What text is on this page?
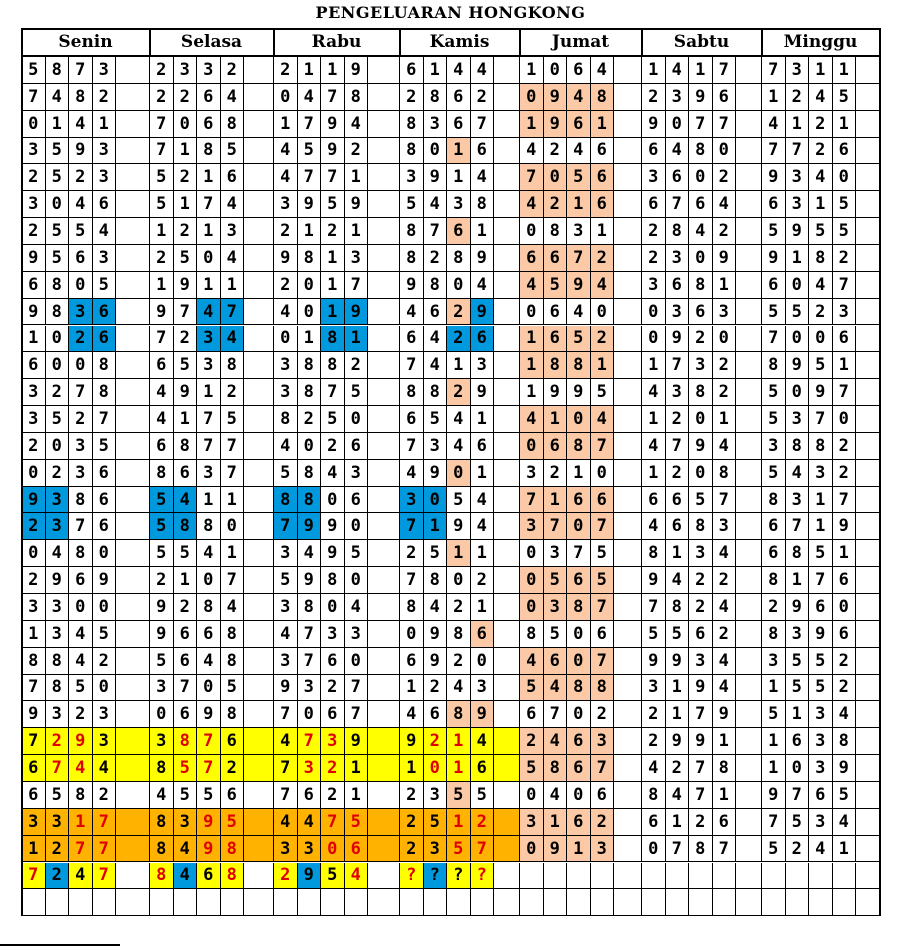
PENGELUARAN HONGKONG
Senin	Selasa	Rabu	Kamis	Jumat	Sabtu	Minggu
5 8 7 3	2 3 3 2	2 1 1 9	6 1 4 4	1 0 6 4	1 4 1 7	7 3 1 1
7 4 8 2	2 2 6 4	0 4 7 8	2 8 6 2	0 9 4 8	2 3 9 6	1 2 4 5
0 1 4 1	7 0 6 8	1 7 9 4	8 3 6 7	1 9 6 1	9 0 7 7	4 1 2 1
3 5 9 3	7 1 8 5	4 5 9 2	8 0 1 6	4 2 4 6	6 4 8 0	7 7 2 6
2 5 2 3	5 2 1 6	4 7 7 1	3 9 1 4	7 0 5 6	3 6 0 2	9 3 4 0
3 0 4 6	5 1 7 4	3 9 5 9	5 4 3 8	4 2 1 6	6 7 6 4	6 3 1 5
2 5 5 4	1 2 1 3	2 1 2 1	8 7 6 1	0 8 3 1	2 8 4 2	5 9 5 5
9 5 6 3	2 5 0 4	9 8 1 3	8 2 8 9	6 6 7 2	2 3 0 9	9 1 8 2
6 8 0 5	1 9 1 1	2 0 1 7	9 8 0 4	4 5 9 4	3 6 8 1	6 0 4 7
9 8 3 6	9 7 4 7	4 0 1 9	4 6 2 9	0 6 4 0	0 3 6 3	5 5 2 3
1 0 2 6	7 2 3 4	0 1 8 1	6 4 2 6	1 6 5 2	0 9 2 0	7 0 0 6
6 0 0 8	6 5 3 8	3 8 8 2	7 4 1 3	1 8 8 1	1 7 3 2	8 9 5 1
3 2 7 8	4 9 1 2	3 8 7 5	8 8 2 9	1 9 9 5	4 3 8 2	5 0 9 7
3 5 2 7	4 1 7 5	8 2 5 0	6 5 4 1	4 1 0 4	1 2 0 1	5 3 7 0
2 0 3 5	6 8 7 7	4 0 2 6	7 3 4 6	0 6 8 7	4 7 9 4	3 8 8 2
0 2 3 6	8 6 3 7	5 8 4 3	4 9 0 1	3 2 1 0	1 2 0 8	5 4 3 2
9 3 8 6	5 4 1 1	8 8 0 6	3 0 5 4	7 1 6 6	6 6 5 7	8 3 1 7
2 3 7 6	5 8 8 0	7 9 9 0	7 1 9 4	3 7 0 7	4 6 8 3	6 7 1 9
0 4 8 0	5 5 4 1	3 4 9 5	2 5 1 1	0 3 7 5	8 1 3 4	6 8 5 1
2 9 6 9	2 1 0 7	5 9 8 0	7 8 0 2	0 5 6 5	9 4 2 2	8 1 7 6
3 3 0 0	9 2 8 4	3 8 0 4	8 4 2 1	0 3 8 7	7 8 2 4	2 9 6 0
1 3 4 5	9 6 6 8	4 7 3 3	0 9 8 6	8 5 0 6	5 5 6 2	8 3 9 6
8 8 4 2	5 6 4 8	3 7 6 0	6 9 2 0	4 6 0 7	9 9 3 4	3 5 5 2
7 8 5 0	3 7 0 5	9 3 2 7	1 2 4 3	5 4 8 8	3 1 9 4	1 5 5 2
9 3 2 3	0 6 9 8	7 0 6 7	4 6 8 9	6 7 0 2	2 1 7 9	5 1 3 4
7 2 9 3	3 8 7 6	4 7 3 9	9 2 1 4	2 4 6 3	2 9 9 1	1 6 3 8
6 7 4 4	8 5 7 2	7 3 2 1	1 0 1 6	5 8 6 7	4 2 7 8	1 0 3 9
6 5 8 2	4 5 5 6	7 6 2 1	2 3 5 5	0 4 0 6	8 4 7 1	9 7 6 5
3 3 1 7	8 3 9 5	4 4 7 5	2 5 1 2	3 1 6 2	6 1 2 6	7 5 3 4
1 2 7 7	8 4 9 8	3 3 0 6	2 3 5 7	0 9 1 3	0 7 8 7	5 2 4 1
7 2 4 7	8 4 6 8	2 9 5 4	? ? ? ?
